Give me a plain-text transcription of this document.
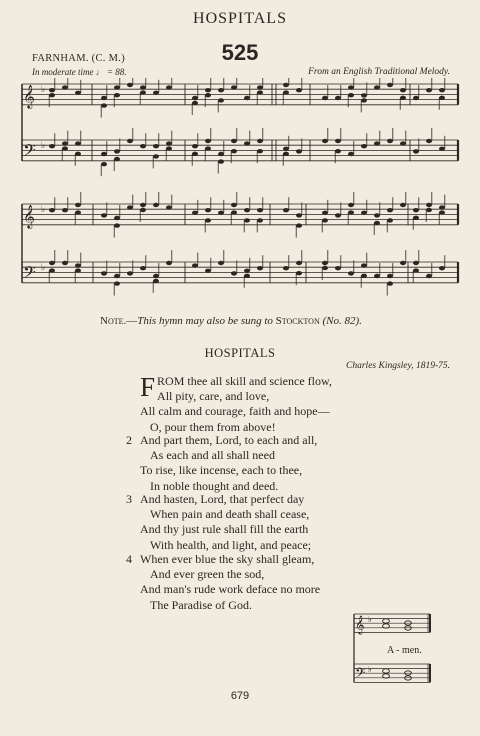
HOSPITALS
FARNHAM. (C. M.)	525
In moderate time ♩ = 88.	From an English Traditional Melody.
𝄞 ♭
𝄢 ♭
𝄞 ♭
𝄢 ♭
Note.—This hymn may also be sung to Stockton (No. 82).
HOSPITALS
Charles Kingsley, 1819-75.
FROM thee all skill and science flow,
All pity, care, and love,
All calm and courage, faith and hope—
O, pour them from above!
2 And part them, Lord, to each and all,
As each and all shall need
To rise, like incense, each to thee,
In noble thought and deed.
3 And hasten, Lord, that perfect day
When pain and death shall cease,
And thy just rule shall fill the earth
With health, and light, and peace;
4 When ever blue the sky shall gleam,
And ever green the sod,
And man's rude work deface no more
The Paradise of God.
𝄞 ♭
𝄢 ♭
A - men.
679
